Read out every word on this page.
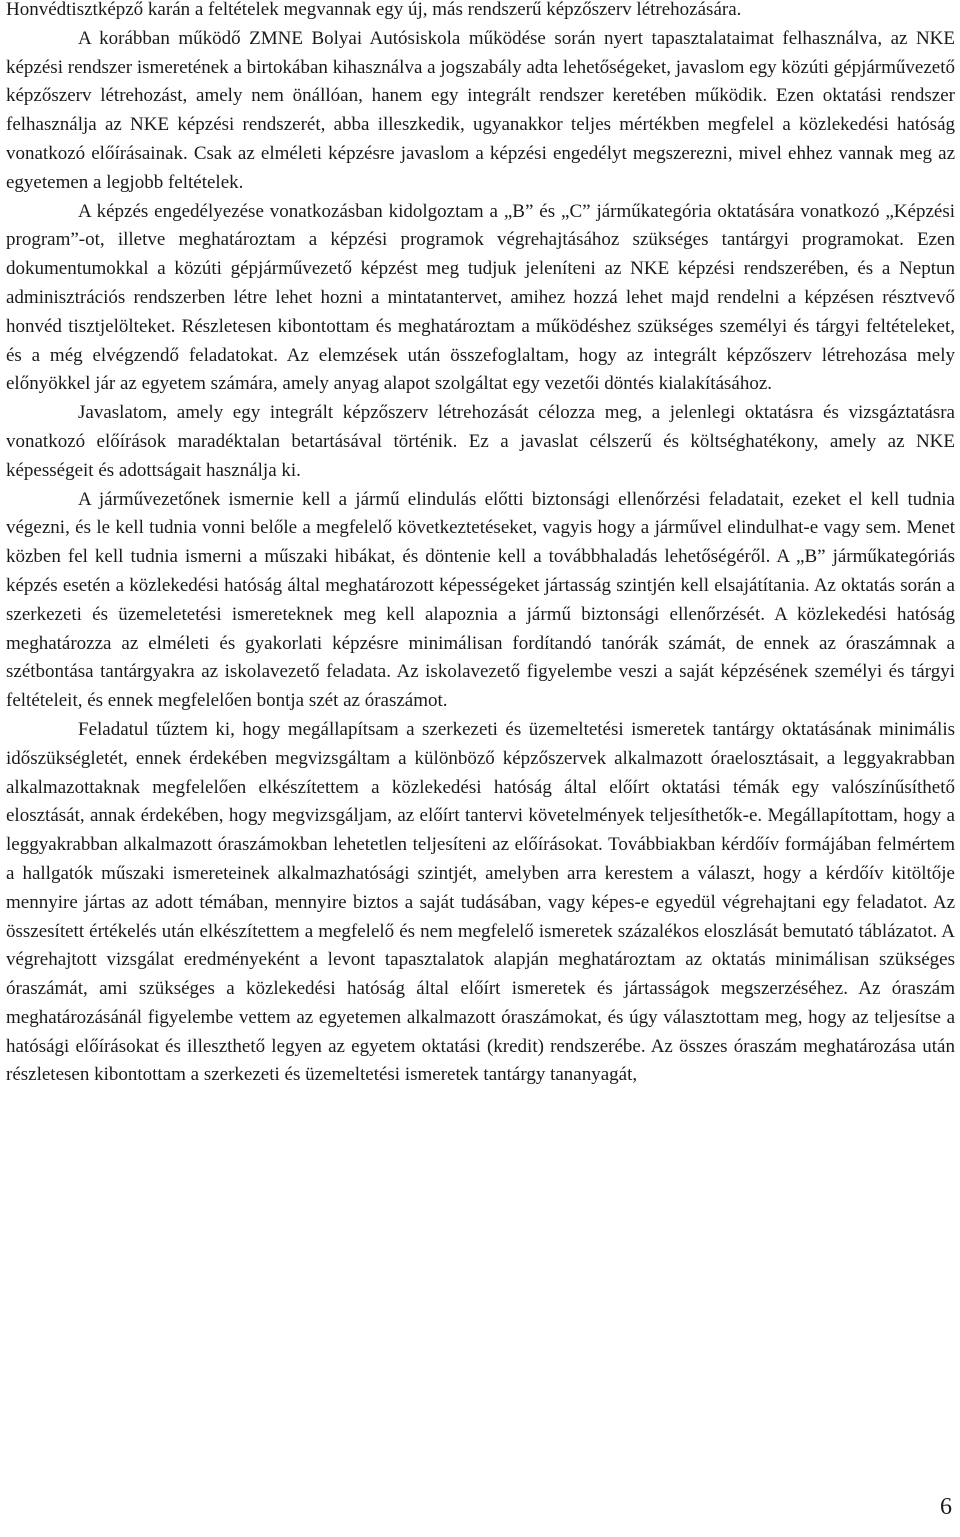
Honvédtisztképző karán a feltételek megvannak egy új, más rendszerű képzőszerv létrehozására.

A korábban működő ZMNE Bolyai Autósiskola működése során nyert tapasztalataimat felhasználva, az NKE képzési rendszer ismeretének a birtokában kihasználva a jogszabály adta lehetőségeket, javaslom egy közúti gépjárművezető képzőszerv létrehozást, amely nem önállóan, hanem egy integrált rendszer keretében működik. Ezen oktatási rendszer felhasználja az NKE képzési rendszerét, abba illeszkedik, ugyanakkor teljes mértékben megfelel a közlekedési hatóság vonatkozó előírásainak. Csak az elméleti képzésre javaslom a képzési engedélyt megszerezni, mivel ehhez vannak meg az egyetemen a legjobb feltételek.

A képzés engedélyezése vonatkozásban kidolgoztam a „B” és „C” járműkategória oktatására vonatkozó „Képzési program”-ot, illetve meghatároztam a képzési programok végrehajtásához szükséges tantárgyi programokat. Ezen dokumentumokkal a közúti gépjárművezető képzést meg tudjuk jeleníteni az NKE képzési rendszerében, és a Neptun adminisztrációs rendszerben létre lehet hozni a mintatantervet, amihez hozzá lehet majd rendelni a képzésen résztvevő honvéd tisztjelölteket. Részletesen kibontottam és meghatároztam a működéshez szükséges személyi és tárgyi feltételeket, és a még elvégzendő feladatokat. Az elemzések után összefoglaltam, hogy az integrált képzőszerv létrehozása mely előnyökkel jár az egyetem számára, amely anyag alapot szolgáltat egy vezetői döntés kialakításához.

Javaslatom, amely egy integrált képzőszerv létrehozását célozza meg, a jelenlegi oktatásra és vizsgáztatásra vonatkozó előírások maradéktalan betartásával történik. Ez a javaslat célszerű és költséghatékony, amely az NKE képességeit és adottságait használja ki.

A járművezetőnek ismernie kell a jármű elindulás előtti biztonsági ellenőrzési feladatait, ezeket el kell tudnia végezni, és le kell tudnia vonni belőle a megfelelő következtetéseket, vagyis hogy a járművel elindulhat-e vagy sem. Menet közben fel kell tudnia ismerni a műszaki hibákat, és döntenie kell a továbbhaladás lehetőségéről. A „B” járműkategóriás képzés esetén a közlekedési hatóság által meghatározott képességeket jártasság szintjén kell elsajátítania. Az oktatás során a szerkezeti és üzemeletetési ismereteknek meg kell alapoznia a jármű biztonsági ellenőrzését. A közlekedési hatóság meghatározza az elméleti és gyakorlati képzésre minimálisan fordítandó tanórák számát, de ennek az óraszámnak a szétbontása tantárgyakra az iskolavezető feladata. Az iskolavezető figyelembe veszi a saját képzésének személyi és tárgyi feltételeit, és ennek megfelelően bontja szét az óraszámot.

Feladatul tűztem ki, hogy megállapítsam a szerkezeti és üzemeltetési ismeretek tantárgy oktatásának minimális időszükségletét, ennek érdekében megvizsgáltam a különböző képzőszervek alkalmazott óraelosztásait, a leggyakrabban alkalmazottaknak megfelelően elkészítettem a közlekedési hatóság által előírt oktatási témák egy valószínűsíthető elosztását, annak érdekében, hogy megvizsgáljam, az előírt tantervi követelmények teljesíthetők-e. Megállapítottam, hogy a leggyakrabban alkalmazott óraszámokban lehetetlen teljesíteni az előírásokat. Továbbiakban kérdőív formájában felmértem a hallgatók műszaki ismereteinek alkalmazhatósági szintjét, amelyben arra kerestem a választ, hogy a kérdőív kitöltője mennyire jártas az adott témában, mennyire biztos a saját tudásában, vagy képes-e egyedül végrehajtani egy feladatot. Az összesített értékelés után elkészítettem a megfelelő és nem megfelelő ismeretek százalékos eloszlását bemutató táblázatot. A végrehajtott vizsgálat eredményeként a levont tapasztalatok alapján meghatároztam az oktatás minimálisan szükséges óraszámát, ami szükséges a közlekedési hatóság által előírt ismeretek és jártasságok megszerzéséhez. Az óraszám meghatározásánál figyelembe vettem az egyetemen alkalmazott óraszámokat, és úgy választottam meg, hogy az teljesítse a hatósági előírásokat és illeszthető legyen az egyetem oktatási (kredit) rendszerébe. Az összes óraszám meghatározása után részletesen kibontottam a szerkezeti és üzemeltetési ismeretek tantárgy tananyagát,

6
